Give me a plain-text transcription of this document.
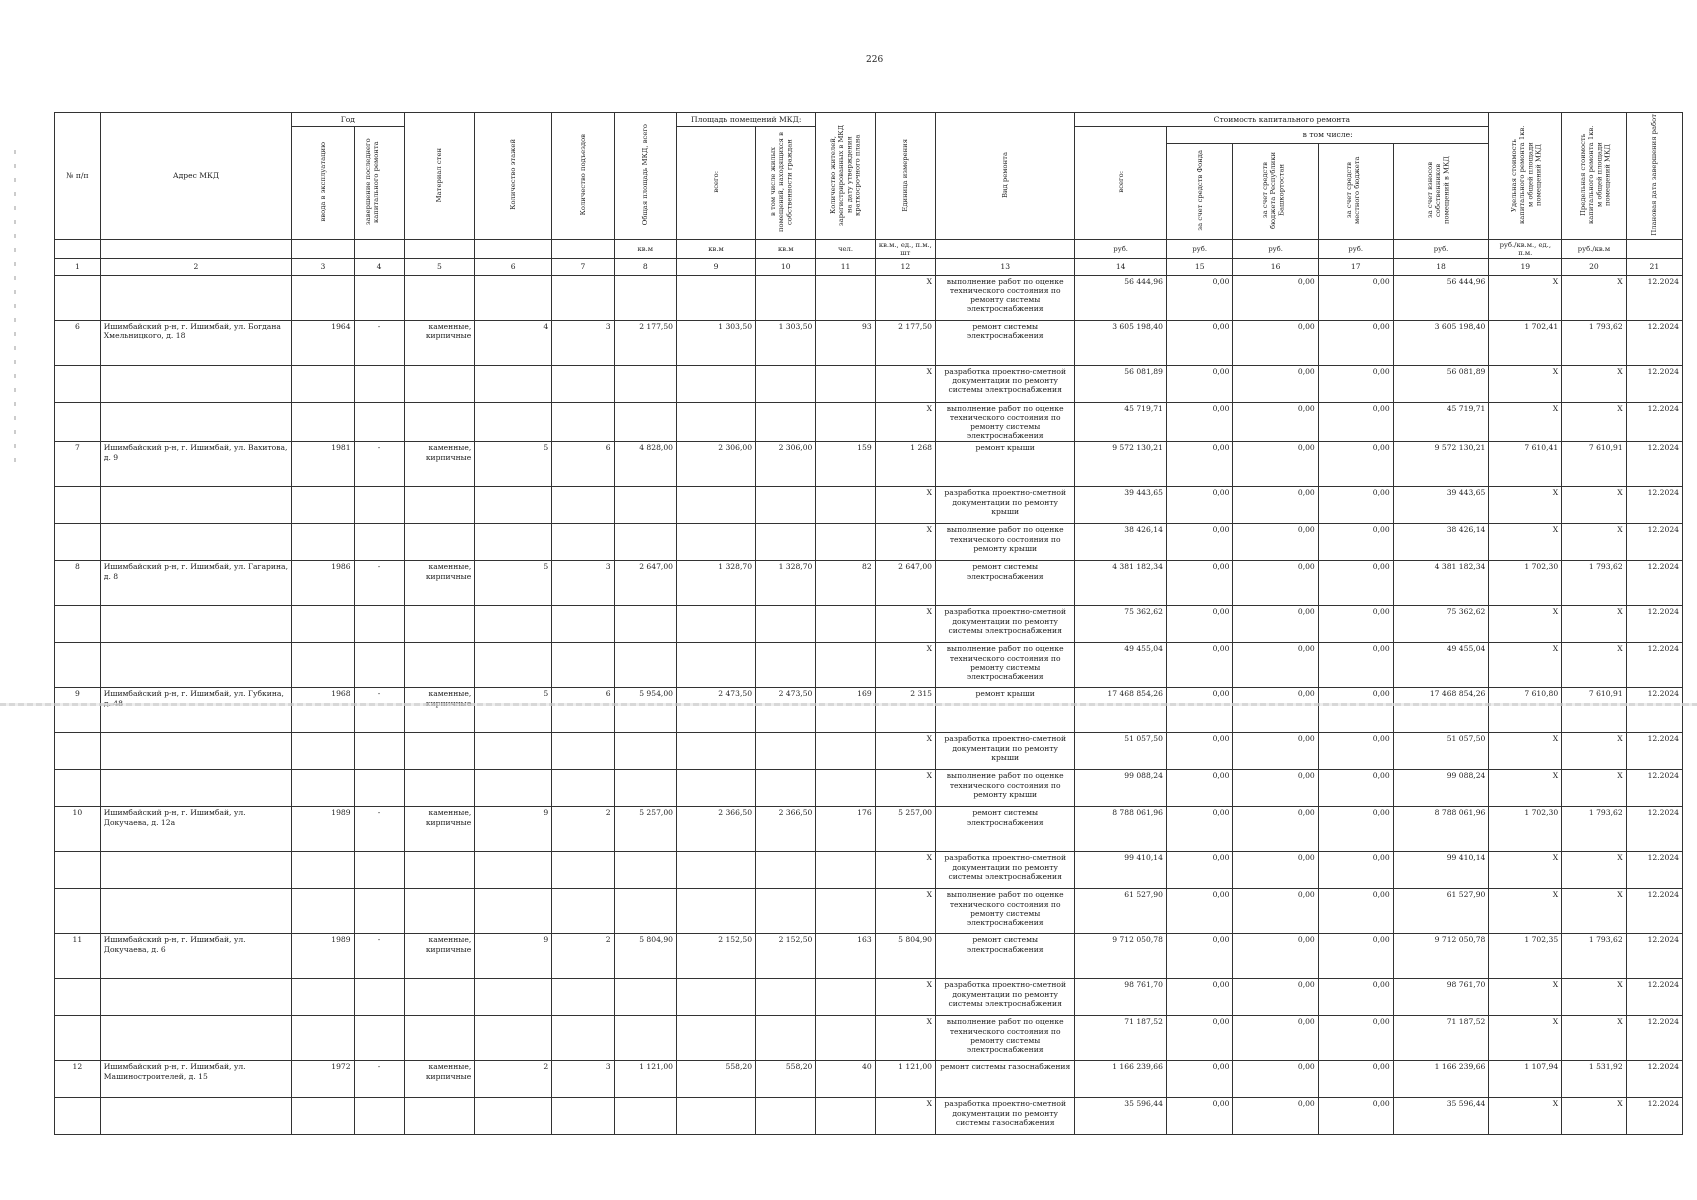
226
№ п/п	Адрес МКД	Год		Материал стен	Количество этажей	Количество подъездов	Общая площадь МКД, всего	Площадь помещений МКД:		Количество жителей, зарегистрированных в МКД на дату утверждения краткосрочного плана	Единица измерения	Вид ремонта	Стоимость капитального ремонта					Удельная стоимость капитального ремонта 1кв. м общей площади помещений МКД	Предельная стоимость капитального ремонта 1кв. м общей площади помещений МКД	Плановая дата завершения работ
		ввода в эксплуатацию	завершение последнего капитального ремонта					всего:	в том числе жилых помещений, находящихся в собственности граждан				всего:	в том числе:						
														за счет средств Фонда	за счет средств бюджета Республики Башкортостан	за счет средств местного бюджета	за счет взносов собственников помещений в МКД			
							кв.м	кв.м	кв.м	чел.	кв.м., ед., п.м., шт		руб.	руб.	руб.	руб.	руб.	руб./кв.м., ед., п.м.	руб./кв.м	
1	2	3	4	5	6	7	8	9	10	11	12	13	14	15	16	17	18	19	20	21
											X	выполнение работ по оценке технического состояния по ремонту системы электроснабжения	56 444,96	0,00	0,00	0,00	56 444,96	X	X	12.2024
6	Ишимбайский р-н, г. Ишимбай, ул. Богдана Хмельницкого, д. 18	1964	-	каменные, кирпичные	4	3	2 177,50	1 303,50	1 303,50	93	2 177,50	ремонт системы электроснабжения	3 605 198,40	0,00	0,00	0,00	3 605 198,40	1 702,41	1 793,62	12.2024
											X	разработка проектно-сметной документации по ремонту системы электроснабжения	56 081,89	0,00	0,00	0,00	56 081,89	X	X	12.2024
											X	выполнение работ по оценке технического состояния по ремонту системы электроснабжения	45 719,71	0,00	0,00	0,00	45 719,71	X	X	12.2024
7	Ишимбайский р-н, г. Ишимбай, ул. Вахитова, д. 9	1981	-	каменные, кирпичные	5	6	4 828,00	2 306,00	2 306,00	159	1 268	ремонт крыши	9 572 130,21	0,00	0,00	0,00	9 572 130,21	7 610,41	7 610,91	12.2024
											X	разработка проектно-сметной документации по ремонту крыши	39 443,65	0,00	0,00	0,00	39 443,65	X	X	12.2024
											X	выполнение работ по оценке технического состояния по ремонту крыши	38 426,14	0,00	0,00	0,00	38 426,14	X	X	12.2024
8	Ишимбайский р-н, г. Ишимбай, ул. Гагарина, д. 8	1986	-	каменные, кирпичные	5	3	2 647,00	1 328,70	1 328,70	82	2 647,00	ремонт системы электроснабжения	4 381 182,34	0,00	0,00	0,00	4 381 182,34	1 702,30	1 793,62	12.2024
											X	разработка проектно-сметной документации по ремонту системы электроснабжения	75 362,62	0,00	0,00	0,00	75 362,62	X	X	12.2024
											X	выполнение работ по оценке технического состояния по ремонту системы электроснабжения	49 455,04	0,00	0,00	0,00	49 455,04	X	X	12.2024
9	Ишимбайский р-н, г. Ишимбай, ул. Губкина,	1968	-	каменные,	5	6	5 954,00	2 473,50	2 473,50	169	2 315	ремонт крыши	17 468 854,26	0,00	0,00	0,00	17 468 854,26	7 610,80	7 610,91	12.2024
											X	разработка проектно-сметной документации по ремонту крыши	51 057,50	0,00	0,00	0,00	51 057,50	X	X	12.2024
											X	выполнение работ по оценке технического состояния по ремонту крыши	99 088,24	0,00	0,00	0,00	99 088,24	X	X	12.2024
10	Ишимбайский р-н, г. Ишимбай, ул. Докучаева, д. 12а	1989	-	каменные, кирпичные	9	2	5 257,00	2 366,50	2 366,50	176	5 257,00	ремонт системы электроснабжения	8 788 061,96	0,00	0,00	0,00	8 788 061,96	1 702,30	1 793,62	12.2024
											X	разработка проектно-сметной документации по ремонту системы электроснабжения	99 410,14	0,00	0,00	0,00	99 410,14	X	X	12.2024
											X	выполнение работ по оценке технического состояния по ремонту системы электроснабжения	61 527,90	0,00	0,00	0,00	61 527,90	X	X	12.2024
11	Ишимбайский р-н, г. Ишимбай, ул. Докучаева, д. 6	1989	-	каменные, кирпичные	9	2	5 804,90	2 152,50	2 152,50	163	5 804,90	ремонт системы электроснабжения	9 712 050,78	0,00	0,00	0,00	9 712 050,78	1 702,35	1 793,62	12.2024
											X	разработка проектно-сметной документации по ремонту системы электроснабжения	98 761,70	0,00	0,00	0,00	98 761,70	X	X	12.2024
											X	выполнение работ по оценке технического состояния по ремонту системы электроснабжения	71 187,52	0,00	0,00	0,00	71 187,52	X	X	12.2024
12	Ишимбайский р-н, г. Ишимбай, ул. Машиностроителей, д. 15	1972	-	каменные, кирпичные	2	3	1 121,00	558,20	558,20	40	1 121,00	ремонт системы газоснабжения	1 166 239,66	0,00	0,00	0,00	1 166 239,66	1 107,94	1 531,92	12.2024
											X	разработка проектно-сметной документации по ремонту системы газоснабжения	35 596,44	0,00	0,00	0,00	35 596,44	X	X	12.2024
